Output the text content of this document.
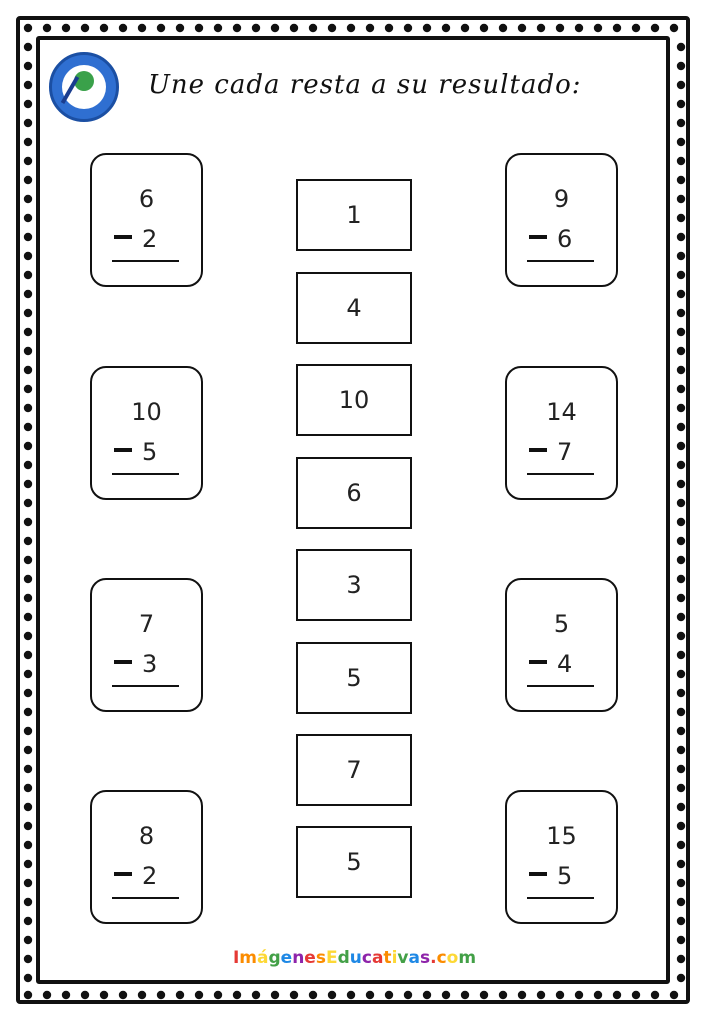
Une cada resta a su resultado:
6
2
10
5
7
3
8
2
9
6
14
7
5
4
15
5
1
4
10
6
3
5
7
5
ImágenesEducativas.com
